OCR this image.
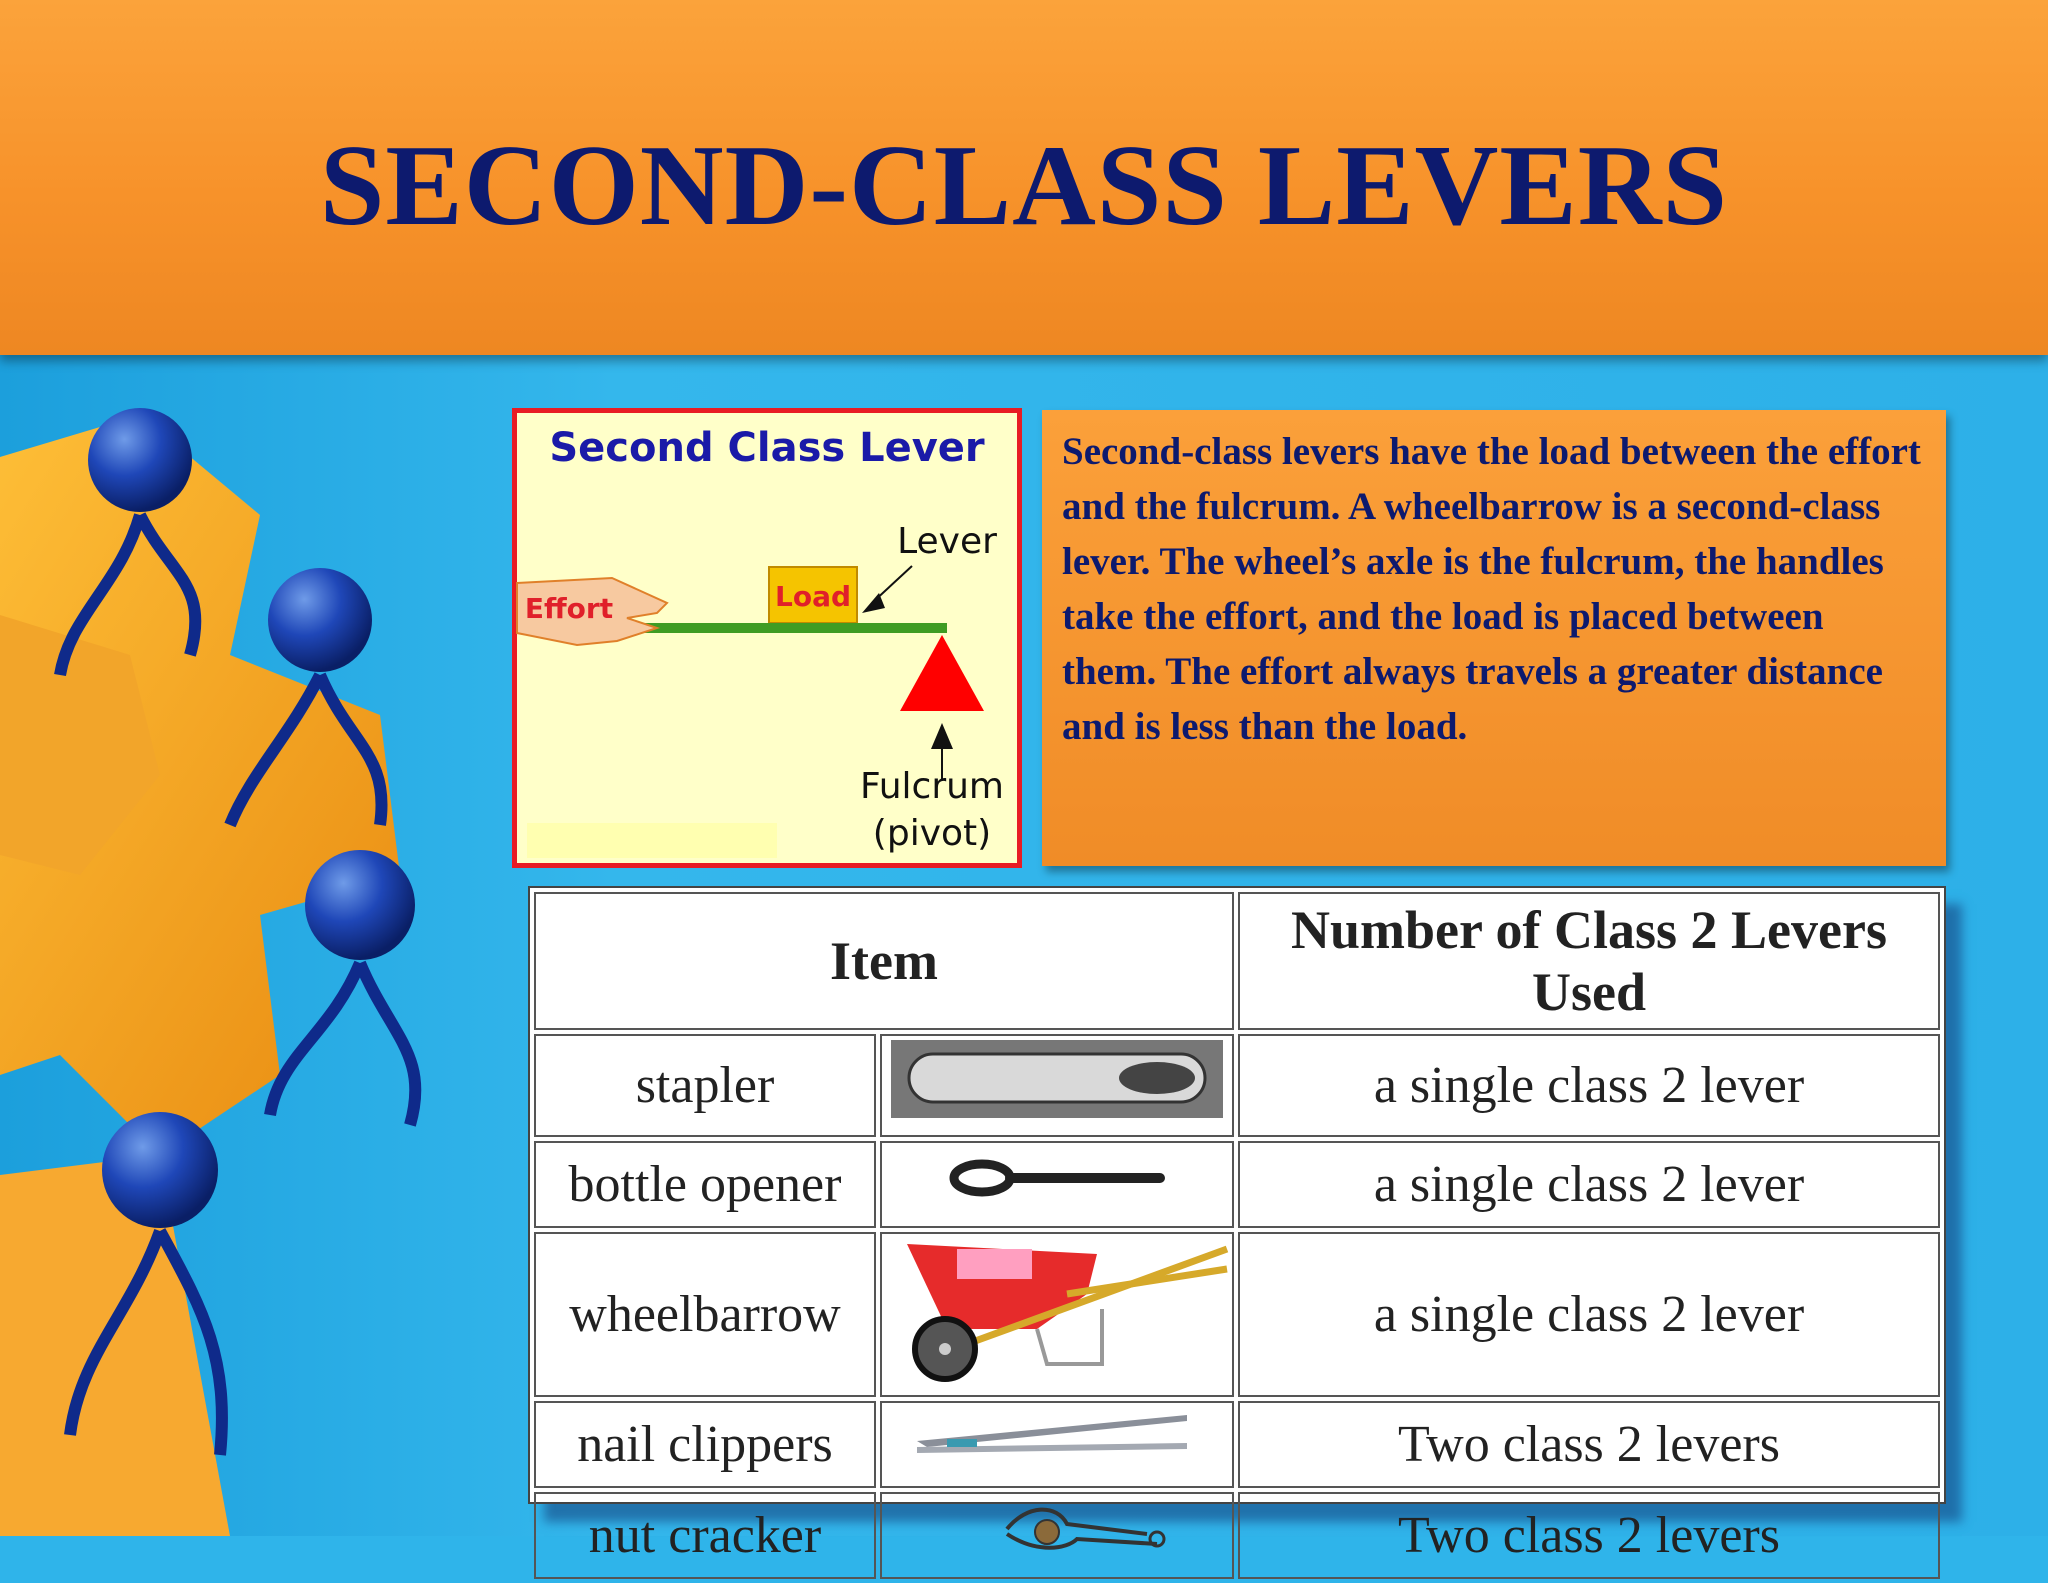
SECOND-CLASS LEVERS
Second Class Lever
Lever
Load
Effort
Fulcrum
(pivot)

Second-class levers have the load between the effort and the fulcrum. A wheelbarrow is a second-class lever. The wheel’s axle is the fulcrum, the handles take the effort, and the load is placed between them. The effort always travels a greater distance and is less than the load.

Item		Number of Class 2 Levers Used
stapler		a single class 2 lever
bottle opener		a single class 2 lever
wheelbarrow		a single class 2 lever
nail clippers		Two class 2 levers
nut cracker		Two class 2 levers
